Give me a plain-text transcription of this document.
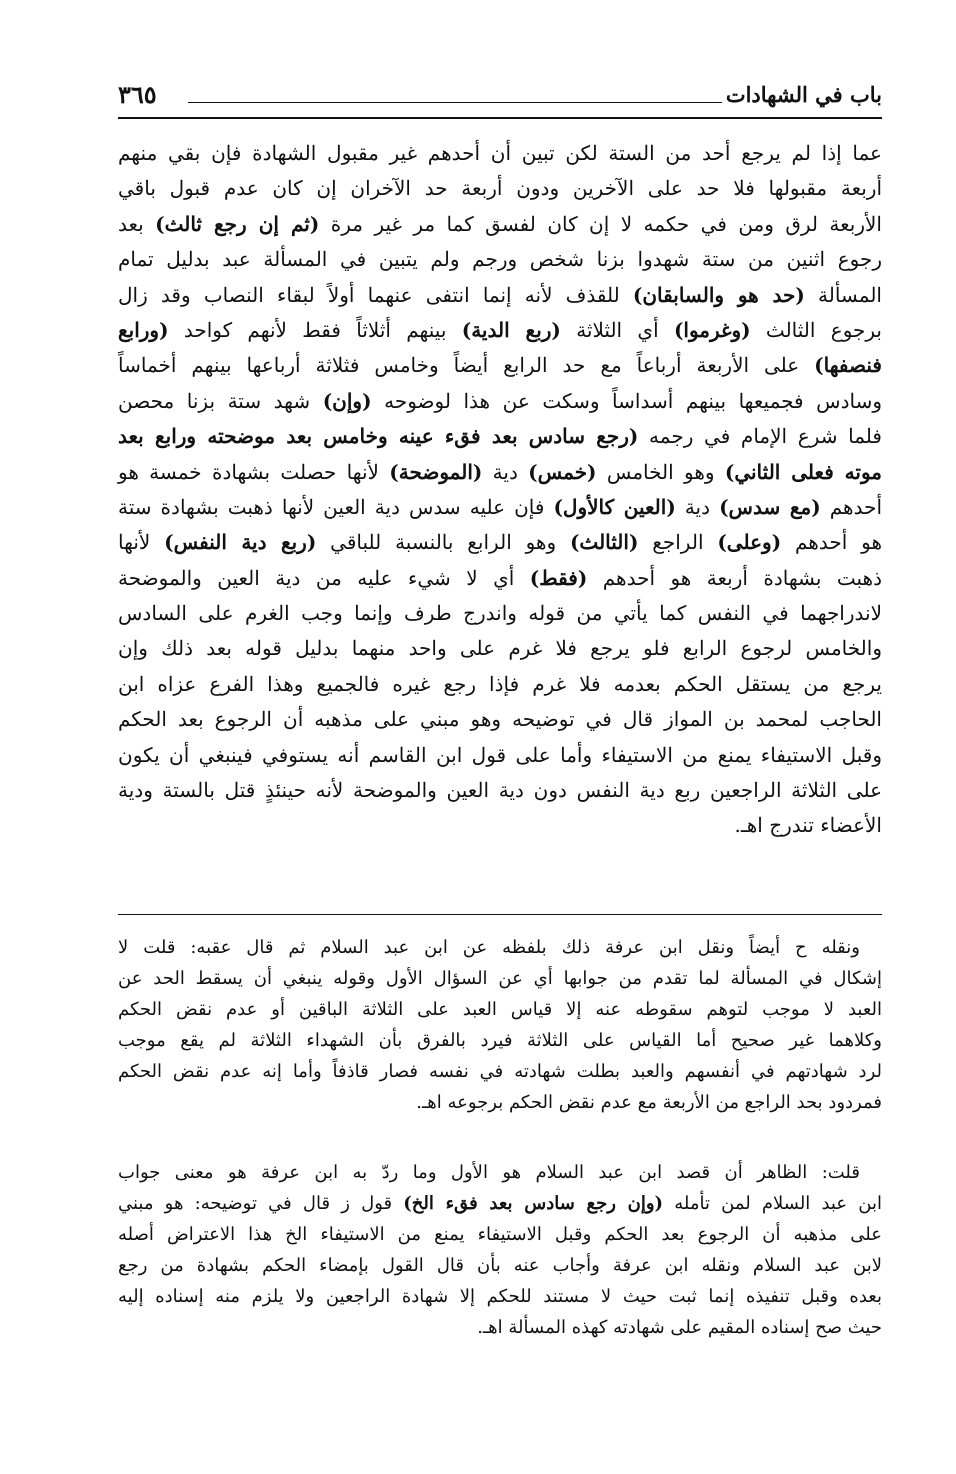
باب في الشهادات
٣٦٥
عما إذا لم يرجع أحد من الستة لكن تبين أن أحدهم غير مقبول الشهادة فإن بقي منهم
أربعة مقبولها فلا حد على الآخرين ودون أربعة حد الآخران إن كان عدم قبول باقي
الأربعة لرق ومن في حكمه لا إن كان لفسق كما مر غير مرة (ثم إن رجع ثالث) بعد
رجوع اثنين من ستة شهدوا بزنا شخص ورجم ولم يتبين في المسألة عبد بدليل تمام
المسألة (حد هو والسابقان) للقذف لأنه إنما انتفى عنهما أولاً لبقاء النصاب وقد زال
برجوع الثالث (وغرموا) أي الثلاثة (ربع الدية) بينهم أثلاثاً فقط لأنهم كواحد (ورابع
فنصفها) على الأربعة أرباعاً مع حد الرابع أيضاً وخامس فثلاثة أرباعها بينهم أخماساً
وسادس فجميعها بينهم أسداساً وسكت عن هذا لوضوحه (وإن) شهد ستة بزنا محصن
فلما شرع الإمام في رجمه (رجع سادس بعد فقء عينه وخامس بعد موضحته ورابع بعد
موته فعلى الثاني) وهو الخامس (خمس) دية (الموضحة) لأنها حصلت بشهادة خمسة هو
أحدهم (مع سدس) دية (العين كالأول) فإن عليه سدس دية العين لأنها ذهبت بشهادة ستة
هو أحدهم (وعلى) الراجع (الثالث) وهو الرابع بالنسبة للباقي (ربع دية النفس) لأنها
ذهبت بشهادة أربعة هو أحدهم (فقط) أي لا شيء عليه من دية العين والموضحة
لاندراجهما في النفس كما يأتي من قوله واندرج طرف وإنما وجب الغرم على السادس
والخامس لرجوع الرابع فلو يرجع فلا غرم على واحد منهما بدليل قوله بعد ذلك وإن
يرجع من يستقل الحكم بعدمه فلا غرم فإذا رجع غيره فالجميع وهذا الفرع عزاه ابن
الحاجب لمحمد بن المواز قال في توضيحه وهو مبني على مذهبه أن الرجوع بعد الحكم
وقبل الاستيفاء يمنع من الاستيفاء وأما على قول ابن القاسم أنه يستوفي فينبغي أن يكون
على الثلاثة الراجعين ربع دية النفس دون دية العين والموضحة لأنه حينئذٍ قتل بالستة ودية
الأعضاء تندرج اهـ.
ونقله ح أيضاً ونقل ابن عرفة ذلك بلفظه عن ابن عبد السلام ثم قال عقبه: قلت لا
إشكال في المسألة لما تقدم من جوابها أي عن السؤال الأول وقوله ينبغي أن يسقط الحد عن
العبد لا موجب لتوهم سقوطه عنه إلا قياس العبد على الثلاثة الباقين أو عدم نقض الحكم
وكلاهما غير صحيح أما القياس على الثلاثة فيرد بالفرق بأن الشهداء الثلاثة لم يقع موجب
لرد شهادتهم في أنفسهم والعبد بطلت شهادته في نفسه فصار قاذفاً وأما إنه عدم نقض الحكم
فمردود بحد الراجع من الأربعة مع عدم نقض الحكم برجوعه اهـ.
قلت: الظاهر أن قصد ابن عبد السلام هو الأول وما ردّ به ابن عرفة هو معنى جواب
ابن عبد السلام لمن تأمله (وإن رجع سادس بعد فقء الخ) قول ز قال في توضيحه: هو مبني
على مذهبه أن الرجوع بعد الحكم وقبل الاستيفاء يمنع من الاستيفاء الخ هذا الاعتراض أصله
لابن عبد السلام ونقله ابن عرفة وأجاب عنه بأن قال القول بإمضاء الحكم بشهادة من رجع
بعده وقبل تنفيذه إنما ثبت حيث لا مستند للحكم إلا شهادة الراجعين ولا يلزم منه إسناده إليه
حيث صح إسناده المقيم على شهادته كهذه المسألة اهـ.
